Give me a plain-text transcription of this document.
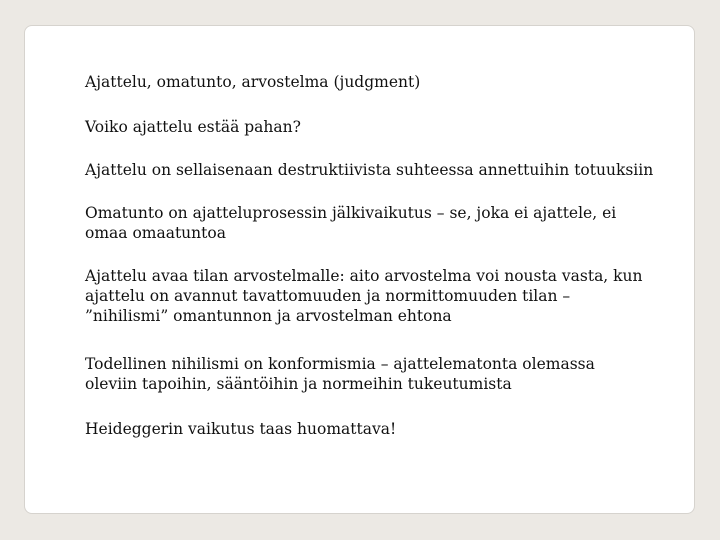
Ajattelu, omatunto, arvostelma (judgment)

Voiko ajattelu estää pahan?

Ajattelu on sellaisenaan destruktiivista suhteessa annettuihin totuuksiin

Omatunto on ajatteluprosessin jälkivaikutus – se, joka ei ajattele, ei
omaa omaatuntoa

Ajattelu avaa tilan arvostelmalle: aito arvostelma voi nousta vasta, kun
ajattelu on avannut tavattomuuden ja normittomuuden tilan –
”nihilismi” omantunnon ja arvostelman ehtona

Todellinen nihilismi on konformismia – ajattelematonta olemassa
oleviin tapoihin, sääntöihin ja normeihin tukeutumista

Heideggerin vaikutus taas huomattava!
